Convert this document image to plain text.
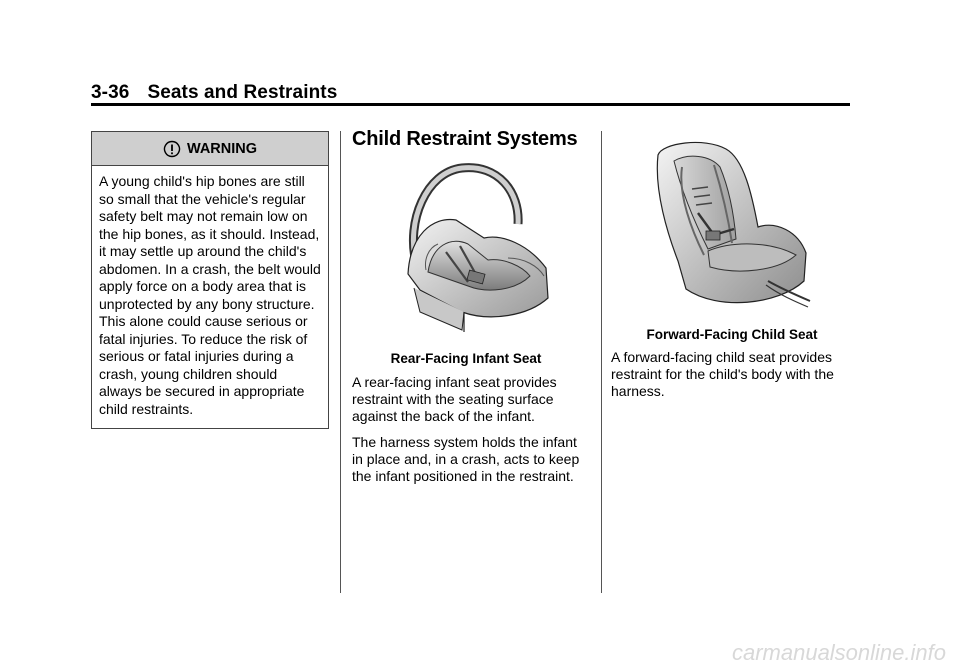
3-36 Seats and Restraints
WARNING
A young child's hip bones are still so small that the vehicle's regular safety belt may not remain low on the hip bones, as it should. Instead, it may settle up around the child's abdomen. In a crash, the belt would apply force on a body area that is unprotected by any bony structure. This alone could cause serious or fatal injuries. To reduce the risk of serious or fatal injuries during a crash, young children should always be secured in appropriate child restraints.
Child Restraint Systems
Rear-Facing Infant Seat

A rear-facing infant seat provides restraint with the seating surface against the back of the infant.

The harness system holds the infant in place and, in a crash, acts to keep the infant positioned in the restraint.

Forward-Facing Child Seat

A forward-facing child seat provides restraint for the child's body with the harness.

carmanualsonline.info
